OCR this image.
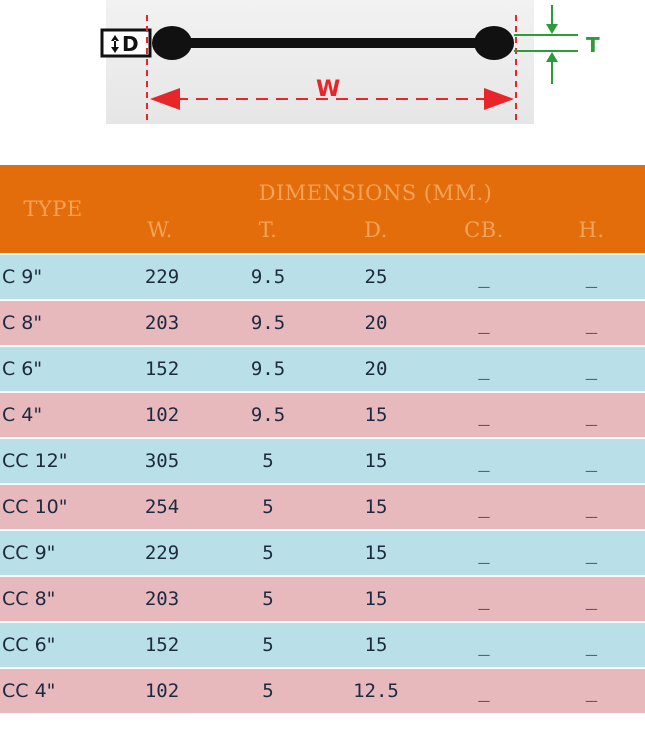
D
W
T
TYPE	DIMENSIONS (MM.)				
	W.	T.	D.	CB.	H.
C 9"	229	9.5	25	_	_
C 8"	203	9.5	20	_	_
C 6"	152	9.5	20	_	_
C 4"	102	9.5	15	_	_
CC 12"	305	5	15	_	_
CC 10"	254	5	15	_	_
CC 9"	229	5	15	_	_
CC 8"	203	5	15	_	_
CC 6"	152	5	15	_	_
CC 4"	102	5	12.5	_	_
